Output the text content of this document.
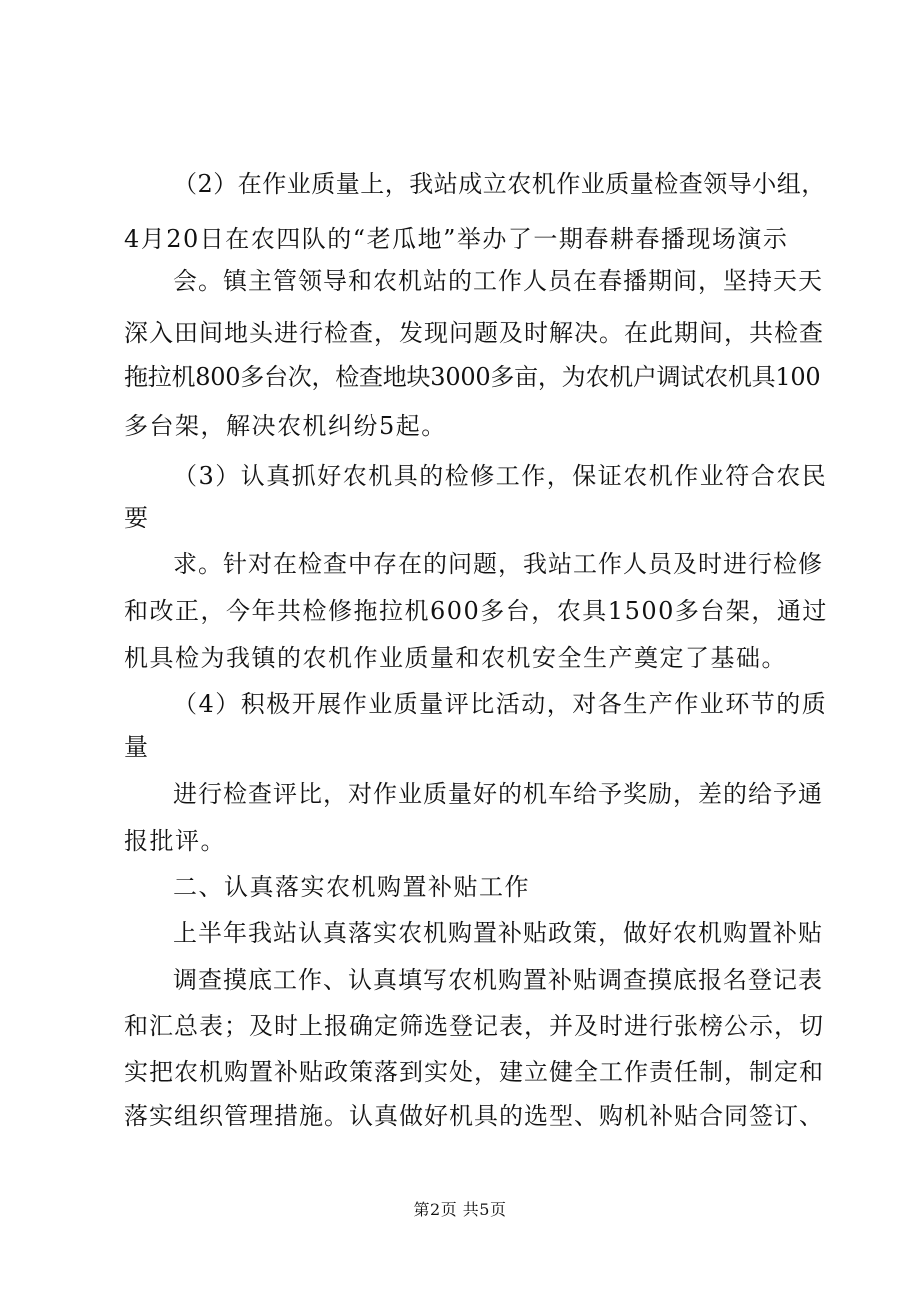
（2）在作业质量上，我站成立农机作业质量检查领导小组，
4月20日在农四队的“老瓜地”举办了一期春耕春播现场演示
会。镇主管领导和农机站的工作人员在春播期间，坚持天天
深入田间地头进行检查，发现问题及时解决。在此期间，共检查
拖拉机800多台次，检查地块3000多亩，为农机户调试农机具100
多台架，解决农机纠纷5起。
（3）认真抓好农机具的检修工作，保证农机作业符合农民
要
求。针对在检查中存在的问题，我站工作人员及时进行检修
和改正，今年共检修拖拉机600多台，农具1500多台架，通过
机具检为我镇的农机作业质量和农机安全生产奠定了基础。
（4）积极开展作业质量评比活动，对各生产作业环节的质
量
进行检查评比，对作业质量好的机车给予奖励，差的给予通
报批评。
二、认真落实农机购置补贴工作
上半年我站认真落实农机购置补贴政策，做好农机购置补贴
调查摸底工作、认真填写农机购置补贴调查摸底报名登记表
和汇总表；及时上报确定筛选登记表，并及时进行张榜公示，切
实把农机购置补贴政策落到实处，建立健全工作责任制，制定和
落实组织管理措施。认真做好机具的选型、购机补贴合同签订、
第2页 共5页
